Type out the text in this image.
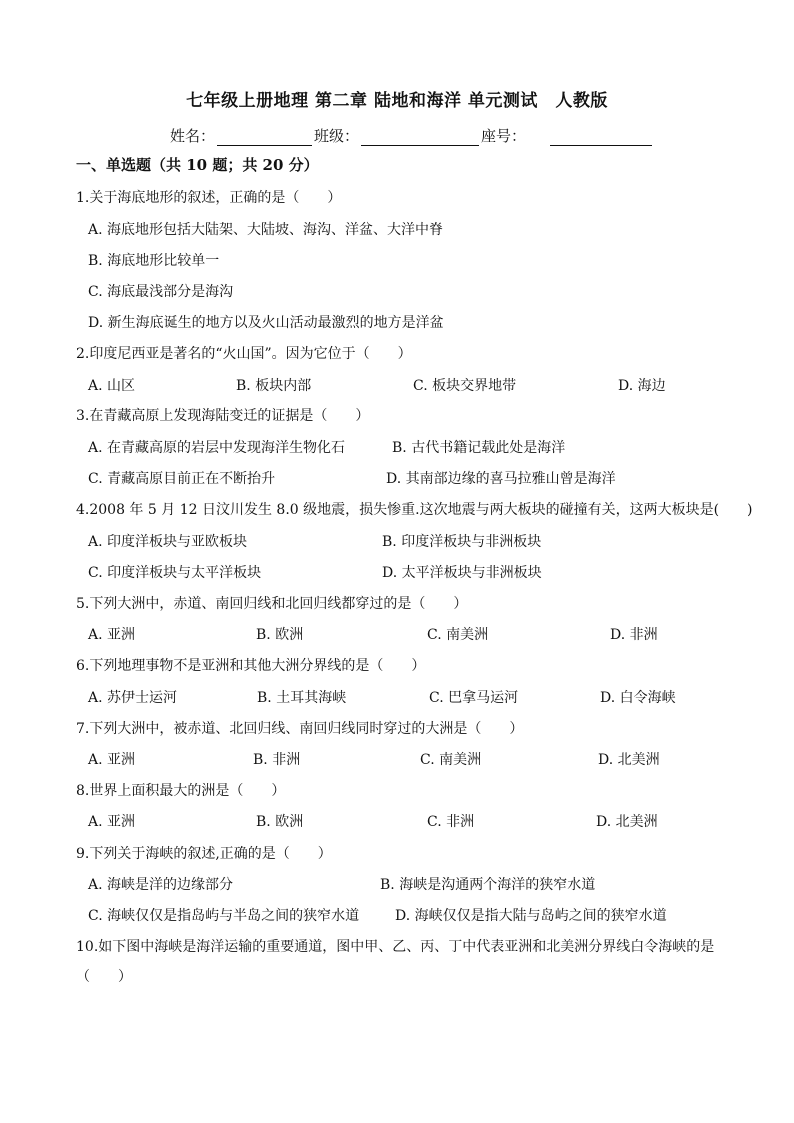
七年级上册地理 第二章 陆地和海洋 单元测试　人教版
姓名：	班级：	座号：
一、单选题（共 10 题；共 20 分）
1.关于海底地形的叙述，正确的是（　　）
A. 海底地形包括大陆架、大陆坡、海沟、洋盆、大洋中脊
B. 海底地形比较单一
C. 海底最浅部分是海沟
D. 新生海底诞生的地方以及火山活动最激烈的地方是洋盆
2.印度尼西亚是著名的“火山国”。因为它位于（　　）
A. 山区	B. 板块内部	C. 板块交界地带	D. 海边
3.在青藏高原上发现海陆变迁的证据是（　　）
A. 在青藏高原的岩层中发现海洋生物化石	B. 古代书籍记载此处是海洋
C. 青藏高原目前正在不断抬升	D. 其南部边缘的喜马拉雅山曾是海洋
4.2008 年 5 月 12 日汶川发生 8.0 级地震，损失惨重.这次地震与两大板块的碰撞有关，这两大板块是(　　)
A. 印度洋板块与亚欧板块	B. 印度洋板块与非洲板块
C. 印度洋板块与太平洋板块	D. 太平洋板块与非洲板块
5.下列大洲中，赤道、南回归线和北回归线都穿过的是（　　）
A. 亚洲	B. 欧洲	C. 南美洲	D. 非洲
6.下列地理事物不是亚洲和其他大洲分界线的是（　　）
A. 苏伊士运河	B. 土耳其海峡	C. 巴拿马运河	D. 白令海峡
7.下列大洲中，被赤道、北回归线、南回归线同时穿过的大洲是（　　）
A. 亚洲	B. 非洲	C. 南美洲	D. 北美洲
8.世界上面积最大的洲是（　　）
A. 亚洲	B. 欧洲	C. 非洲	D. 北美洲
9.下列关于海峡的叙述,正确的是（　　）
A. 海峡是洋的边缘部分	B. 海峡是沟通两个海洋的狭窄水道
C. 海峡仅仅是指岛屿与半岛之间的狭窄水道	D. 海峡仅仅是指大陆与岛屿之间的狭窄水道
10.如下图中海峡是海洋运输的重要通道，图中甲、乙、丙、丁中代表亚洲和北美洲分界线白令海峡的是
（　　）
